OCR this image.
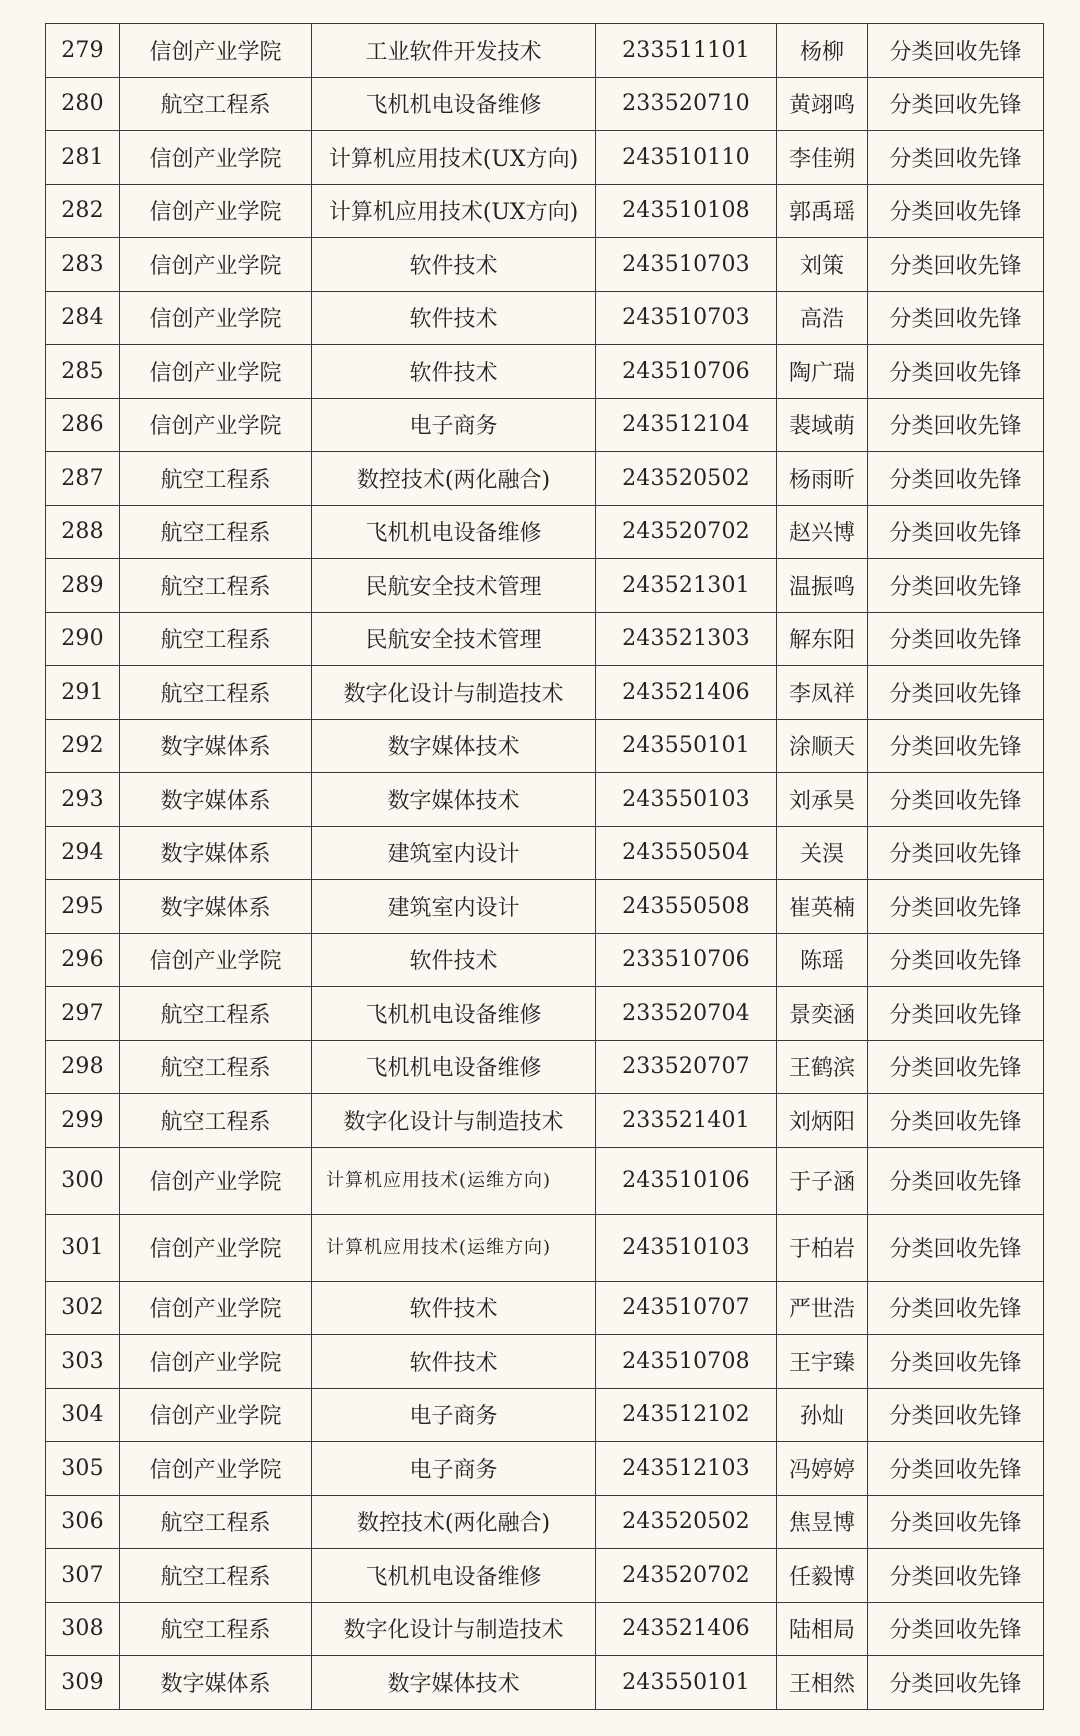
279	信创产业学院	工业软件开发技术	233511101	杨柳	分类回收先锋
280	航空工程系	飞机机电设备维修	233520710	黄翊鸣	分类回收先锋
281	信创产业学院	计算机应用技术(UX方向)	243510110	李佳朔	分类回收先锋
282	信创产业学院	计算机应用技术(UX方向)	243510108	郭禹瑶	分类回收先锋
283	信创产业学院	软件技术	243510703	刘策	分类回收先锋
284	信创产业学院	软件技术	243510703	高浩	分类回收先锋
285	信创产业学院	软件技术	243510706	陶广瑞	分类回收先锋
286	信创产业学院	电子商务	243512104	裴域萌	分类回收先锋
287	航空工程系	数控技术(两化融合)	243520502	杨雨昕	分类回收先锋
288	航空工程系	飞机机电设备维修	243520702	赵兴博	分类回收先锋
289	航空工程系	民航安全技术管理	243521301	温振鸣	分类回收先锋
290	航空工程系	民航安全技术管理	243521303	解东阳	分类回收先锋
291	航空工程系	数字化设计与制造技术	243521406	李凤祥	分类回收先锋
292	数字媒体系	数字媒体技术	243550101	涂顺天	分类回收先锋
293	数字媒体系	数字媒体技术	243550103	刘承昊	分类回收先锋
294	数字媒体系	建筑室内设计	243550504	关淏	分类回收先锋
295	数字媒体系	建筑室内设计	243550508	崔英楠	分类回收先锋
296	信创产业学院	软件技术	233510706	陈瑶	分类回收先锋
297	航空工程系	飞机机电设备维修	233520704	景奕涵	分类回收先锋
298	航空工程系	飞机机电设备维修	233520707	王鹤滨	分类回收先锋
299	航空工程系	数字化设计与制造技术	233521401	刘炳阳	分类回收先锋
300	信创产业学院	计算机应用技术(运维方向)	243510106	于子涵	分类回收先锋
301	信创产业学院	计算机应用技术(运维方向)	243510103	于柏岩	分类回收先锋
302	信创产业学院	软件技术	243510707	严世浩	分类回收先锋
303	信创产业学院	软件技术	243510708	王宇臻	分类回收先锋
304	信创产业学院	电子商务	243512102	孙灿	分类回收先锋
305	信创产业学院	电子商务	243512103	冯婷婷	分类回收先锋
306	航空工程系	数控技术(两化融合)	243520502	焦昱博	分类回收先锋
307	航空工程系	飞机机电设备维修	243520702	任毅博	分类回收先锋
308	航空工程系	数字化设计与制造技术	243521406	陆相局	分类回收先锋
309	数字媒体系	数字媒体技术	243550101	王相然	分类回收先锋
